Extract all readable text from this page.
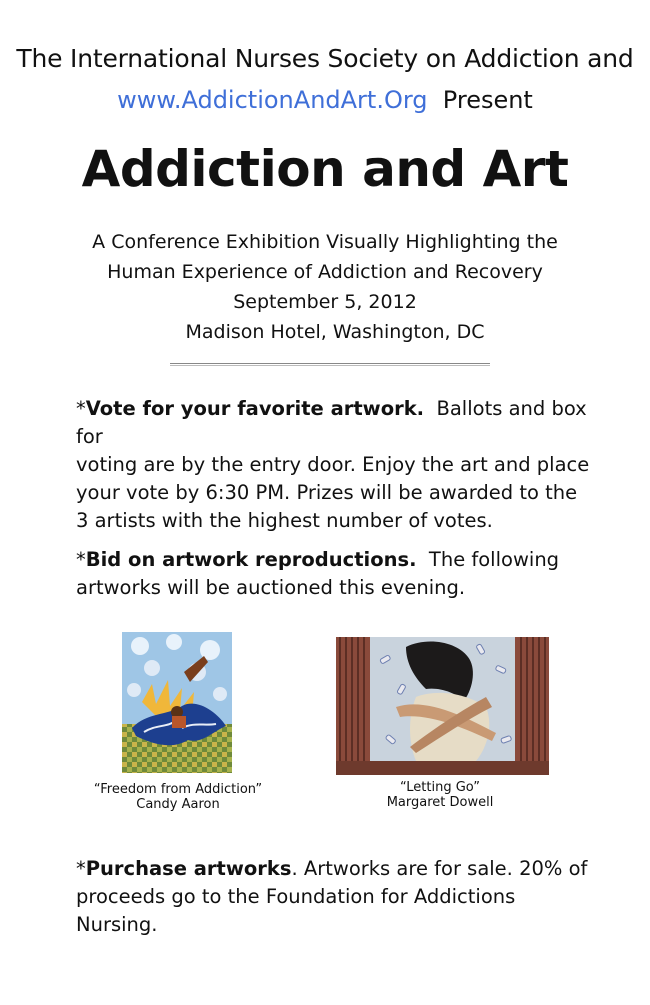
The International Nurses Society on Addiction and
www.AddictionAndArt.Org Present
Addiction and Art
A Conference Exhibition Visually Highlighting the
Human Experience of Addiction and Recovery
September 5, 2012
Madison Hotel, Washington, DC
*Vote for your favorite artwork. Ballots and box for
voting are by the entry door. Enjoy the art and place
your vote by 6:30 PM. Prizes will be awarded to the
3 artists with the highest number of votes.
*Bid on artwork reproductions. The following
artworks will be auctioned this evening.
“Freedom from Addiction”
Candy Aaron
“Letting Go”
Margaret Dowell
*Purchase artworks. Artworks are for sale. 20% of
proceeds go to the Foundation for Addictions
Nursing.
